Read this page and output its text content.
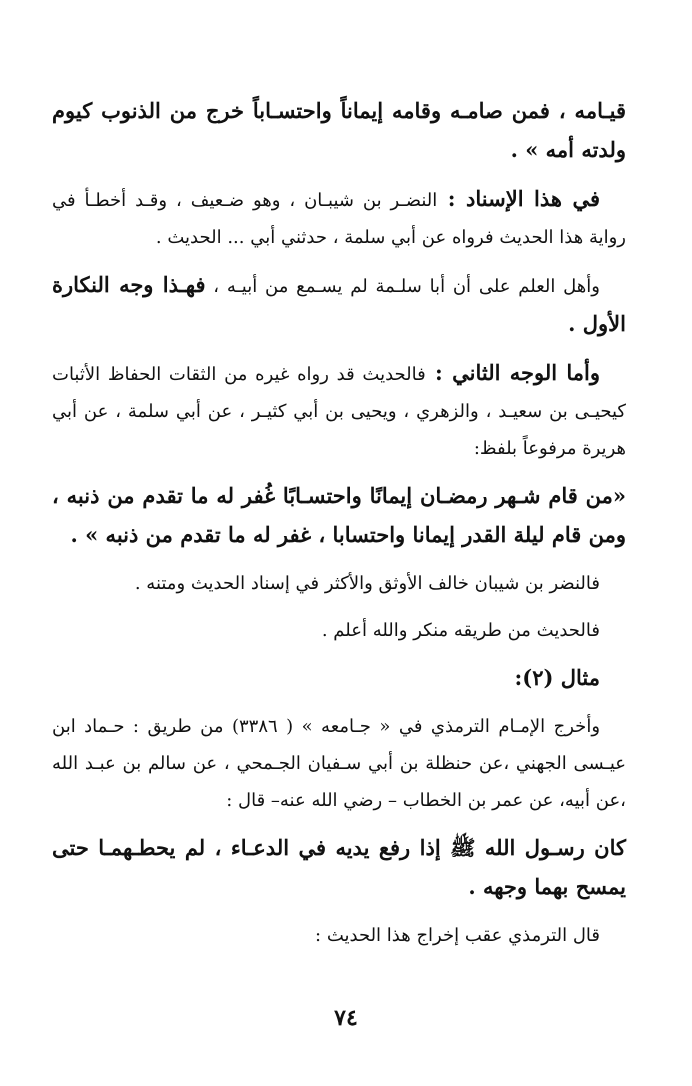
قيـامه ، فمن صامـه وقامه إيماناً واحتسـاباً خرج من الذنوب كيوم ولدته أمه » .

في هذا الإسناد : النضـر بن شيبـان ، وهو ضـعيف ، وقـد أخطـأ في رواية هذا الحديث فرواه عن أبي سلمة ، حدثني أبي ... الحديث .

وأهل العلم على أن أبا سلـمة لم يسـمع من أبيـه ، فهـذا وجه النكارة الأول .

وأما الوجه الثاني : فالحديث قد رواه غيره من الثقات الحفاظ الأثبات كيحيـى بن سعيـد ، والزهري ، ويحيى بن أبي كثيـر ، عن أبي سلمة ، عن أبي هريرة مرفوعاً بلفظ:

«من قام شـهر رمضـان إيمانًا واحتسـابًا غُفر له ما تقدم من ذنبه ، ومن قام ليلة القدر إيمانا واحتسابا ، غفر له ما تقدم من ذنبه » .

فالنضر بن شيبان خالف الأوثق والأكثر في إسناد الحديث ومتنه .

فالحديث من طريقه منكر والله أعلم .

مثال (٢):

وأخرج الإمـام الترمذي في « جـامعه » ( ٣٣٨٦) من طريق : حـماد ابن عيـسى الجهني ،عن حنظلة بن أبي سـفيان الجـمحي ، عن سالم بن عبـد الله ،عن أبيه، عن عمر بن الخطاب – رضي الله عنه– قال :

كان رسـول الله ﷺ إذا رفع يديه في الدعـاء ، لم يحطـهمـا حتى يمسح بهما وجهه .

قال الترمذي عقب إخراج هذا الحديث :

٧٤
